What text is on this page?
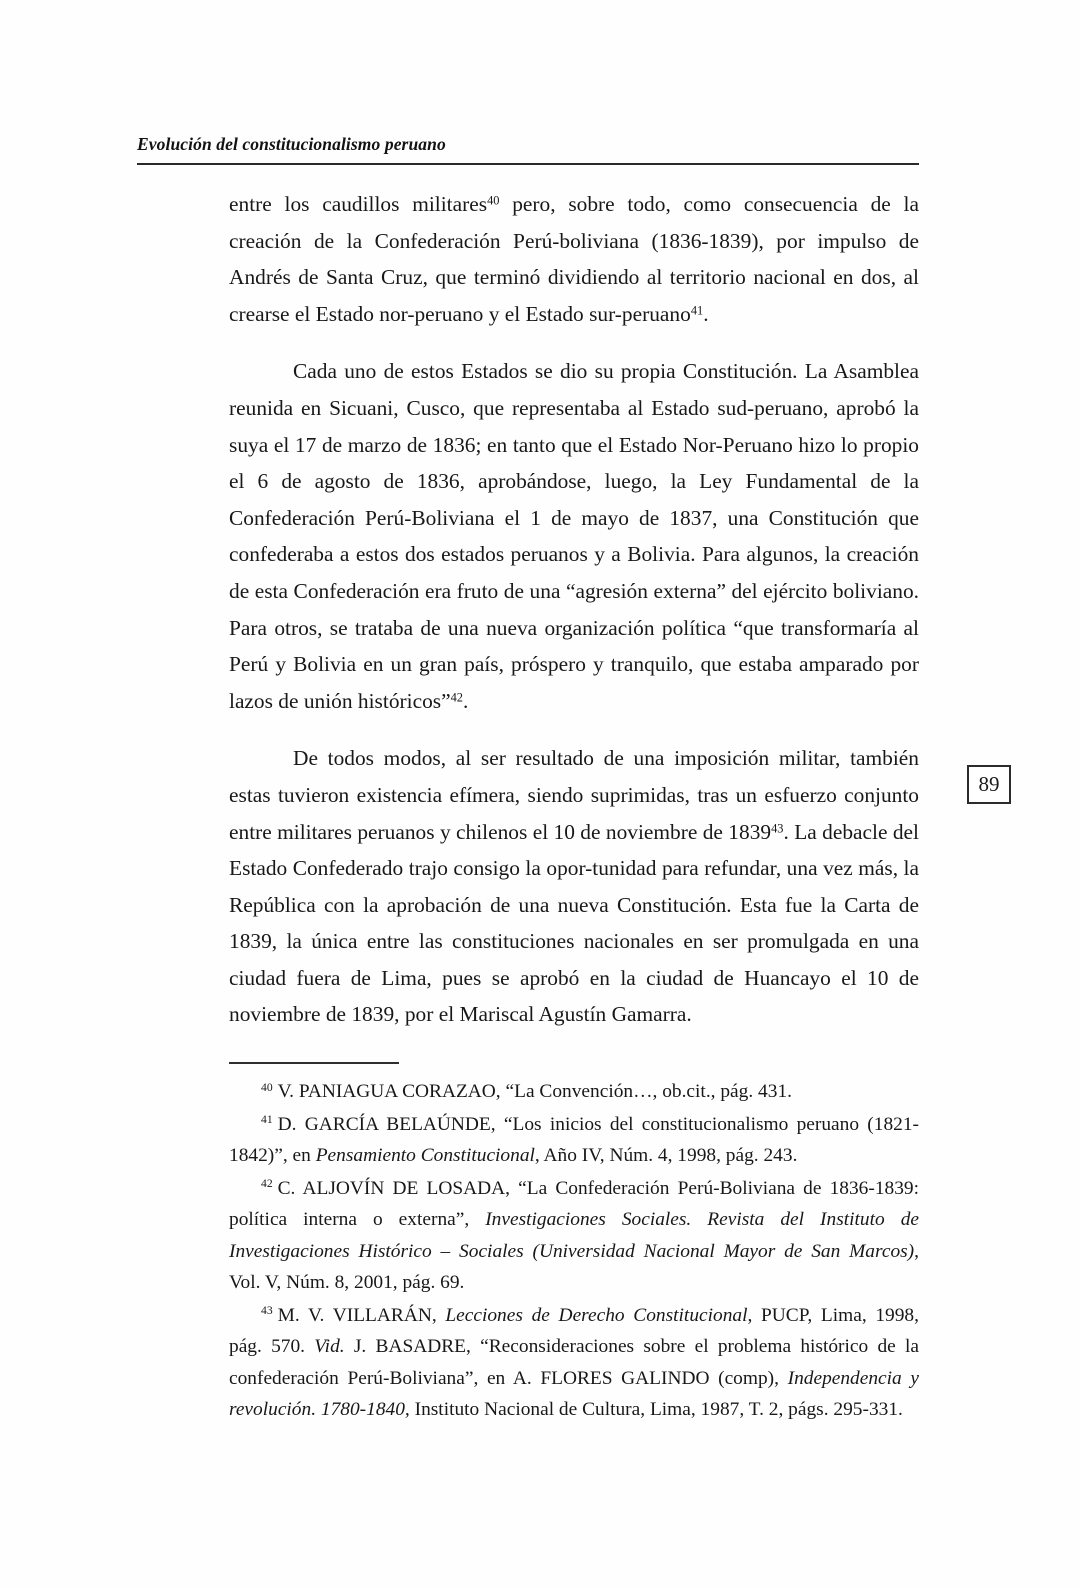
Evolución del constitucionalismo peruano

entre los caudillos militares$^{40}$ pero, sobre todo, como consecuencia de la creación de la Confederación Perú-boliviana (1836-1839), por impulso de Andrés de Santa Cruz, que terminó dividiendo al territorio nacional en dos, al crearse el Estado nor-peruano y el Estado sur-peruano$^{41}$.

Cada uno de estos Estados se dio su propia Constitución. La Asamblea reunida en Sicuani, Cusco, que representaba al Estado sud-peruano, aprobó la suya el 17 de marzo de 1836; en tanto que el Estado Nor-Peruano hizo lo propio el 6 de agosto de 1836, aprobándose, luego, la Ley Fundamental de la Confederación Perú-Boliviana el 1 de mayo de 1837, una Constitución que confederaba a estos dos estados peruanos y a Bolivia. Para algunos, la creación de esta Confederación era fruto de una “agresión externa” del ejército boliviano. Para otros, se trataba de una nueva organización política “que transformaría al Perú y Bolivia en un gran país, próspero y tranquilo, que estaba amparado por lazos de unión históricos”$^{42}$.

De todos modos, al ser resultado de una imposición militar, también estas tuvieron existencia efímera, siendo suprimidas, tras un esfuerzo conjunto entre militares peruanos y chilenos el 10 de noviembre de 1839$^{43}$. La debacle del Estado Confederado trajo consigo la opor-tunidad para refundar, una vez más, la República con la aprobación de una nueva Constitución. Esta fue la Carta de 1839, la única entre las constituciones nacionales en ser promulgada en una ciudad fuera de Lima, pues se aprobó en la ciudad de Huancayo el 10 de noviembre de 1839, por el Mariscal Agustín Gamarra.

89

$^{40}$ V. PANIAGUA CORAZAO, “La Convención…, ob.cit., pág. 431.

$^{41}$ D. GARCÍA BELAÚNDE, “Los inicios del constitucionalismo peruano (1821-1842)”, en Pensamiento Constitucional, Año IV, Núm. 4, 1998, pág. 243.

$^{42}$ C. ALJOVÍN DE LOSADA, “La Confederación Perú-Boliviana de 1836-1839: política interna o externa”, Investigaciones Sociales. Revista del Instituto de Investigaciones Histórico – Sociales (Universidad Nacional Mayor de San Marcos), Vol. V, Núm. 8, 2001, pág. 69.

$^{43}$ M. V. VILLARÁN, Lecciones de Derecho Constitucional, PUCP, Lima, 1998, pág. 570. Vid. J. BASADRE, “Reconsideraciones sobre el problema histórico de la confederación Perú-Boliviana”, en A. FLORES GALINDO (comp), Independencia y revolución. 1780-1840, Instituto Nacional de Cultura, Lima, 1987, T. 2, págs. 295-331.
